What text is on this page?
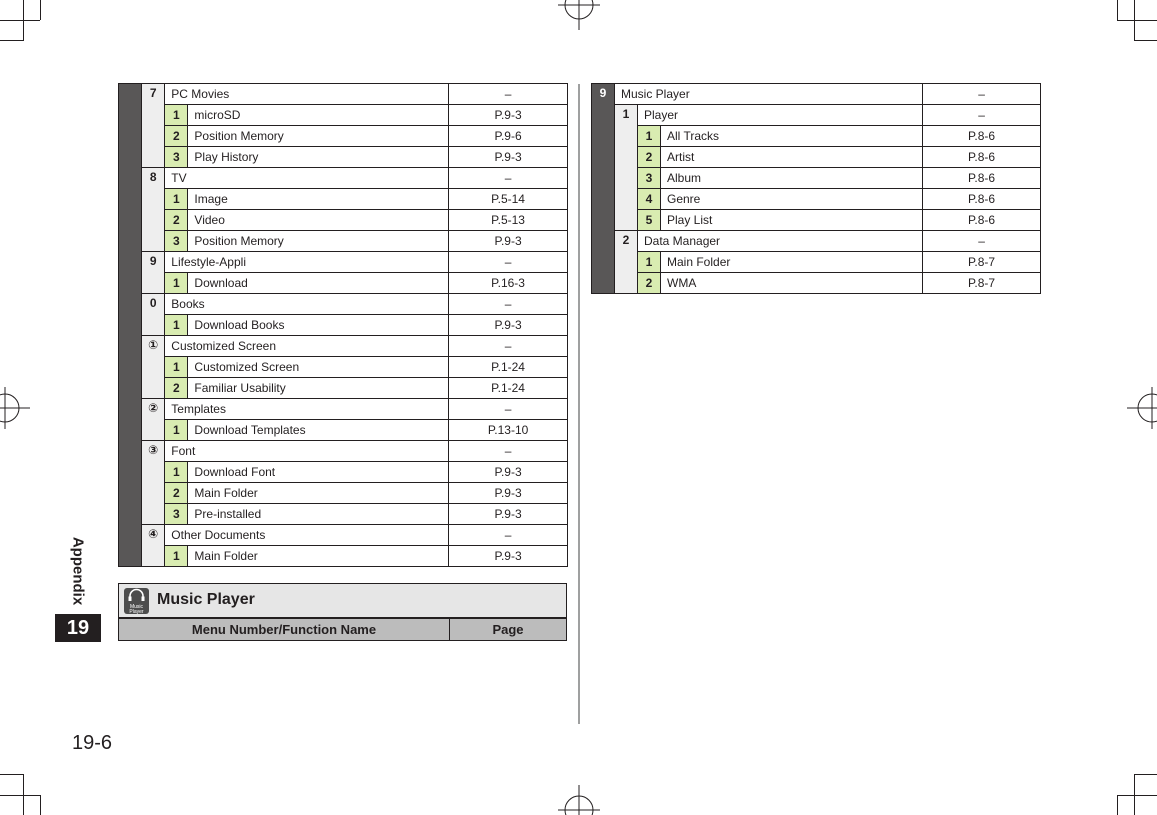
Appendix
19
19-6
	7	PC Movies		–
		1	microSD	P.9-3
		2	Position Memory	P.9-6
		3	Play History	P.9-3
	8	TV		–
		1	Image	P.5-14
		2	Video	P.5-13
		3	Position Memory	P.9-3
	9	Lifestyle-Appli		–
		1	Download	P.16-3
	0	Books		–
		1	Download Books	P.9-3
	①	Customized Screen		–
		1	Customized Screen	P.1-24
		2	Familiar Usability	P.1-24
	②	Templates		–
		1	Download Templates	P.13-10
	③	Font		–
		1	Download Font	P.9-3
		2	Main Folder	P.9-3
		3	Pre-installed	P.9-3
	④	Other Documents		–
		1	Main Folder	P.9-3
Music Player
Music Player
Menu Number/Function Name	Page
9	Music Player			–
	1	Player		–
		1	All Tracks	P.8-6
		2	Artist	P.8-6
		3	Album	P.8-6
		4	Genre	P.8-6
		5	Play List	P.8-6
	2	Data Manager		–
		1	Main Folder	P.8-7
		2	WMA	P.8-7
